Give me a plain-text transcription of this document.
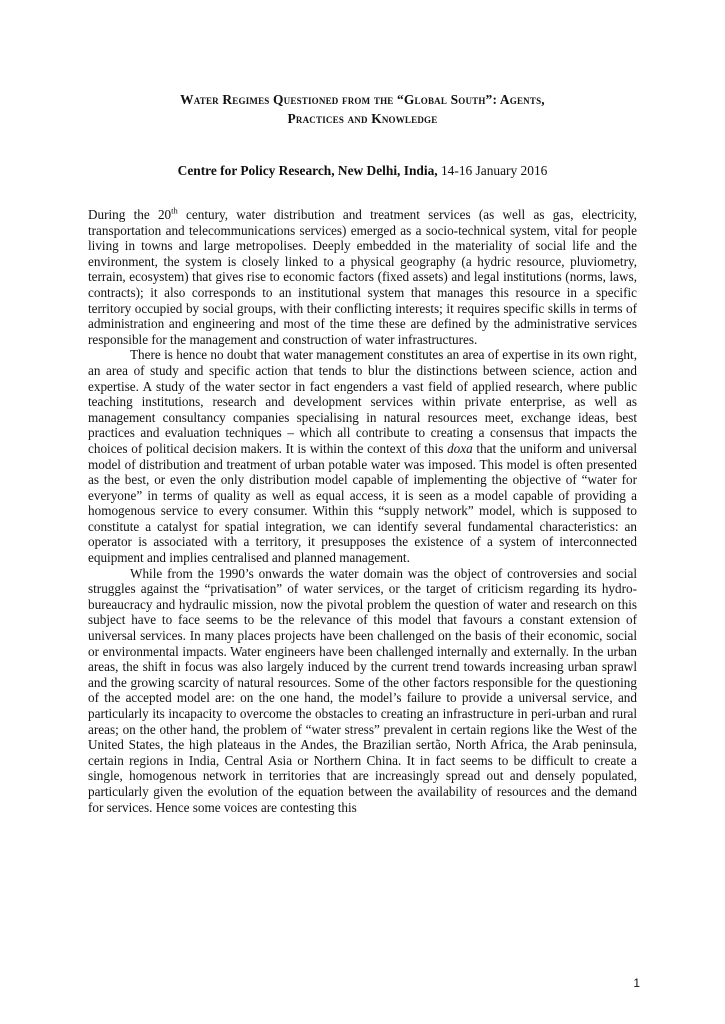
Water Regimes Questioned from the “Global South”: Agents,
Practices and Knowledge
Centre for Policy Research, New Delhi, India, 14-16 January 2016

During the 20th century, water distribution and treatment services (as well as gas, electricity, transportation and telecommunications services) emerged as a socio-technical system, vital for people living in towns and large metropolises. Deeply embedded in the materiality of social life and the environment, the system is closely linked to a physical geography (a hydric resource, pluviometry, terrain, ecosystem) that gives rise to economic factors (fixed assets) and legal institutions (norms, laws, contracts); it also corresponds to an institutional system that manages this resource in a specific territory occupied by social groups, with their conflicting interests; it requires specific skills in terms of administration and engineering and most of the time these are defined by the administrative services responsible for the management and construction of water infrastructures.

There is hence no doubt that water management constitutes an area of expertise in its own right, an area of study and specific action that tends to blur the distinctions between science, action and expertise. A study of the water sector in fact engenders a vast field of applied research, where public teaching institutions, research and development services within private enterprise, as well as management consultancy companies specialising in natural resources meet, exchange ideas, best practices and evaluation techniques – which all contribute to creating a consensus that impacts the choices of political decision makers. It is within the context of this doxa that the uniform and universal model of distribution and treatment of urban potable water was imposed. This model is often presented as the best, or even the only distribution model capable of implementing the objective of “water for everyone” in terms of quality as well as equal access, it is seen as a model capable of providing a homogenous service to every consumer. Within this “supply network” model, which is supposed to constitute a catalyst for spatial integration, we can identify several fundamental characteristics: an operator is associated with a territory, it presupposes the existence of a system of interconnected equipment and implies centralised and planned management.

While from the 1990’s onwards the water domain was the object of controversies and social struggles against the “privatisation” of water services, or the target of criticism regarding its hydro-bureaucracy and hydraulic mission, now the pivotal problem the question of water and research on this subject have to face seems to be the relevance of this model that favours a constant extension of universal services. In many places projects have been challenged on the basis of their economic, social or environmental impacts. Water engineers have been challenged internally and externally. In the urban areas, the shift in focus was also largely induced by the current trend towards increasing urban sprawl and the growing scarcity of natural resources. Some of the other factors responsible for the questioning of the accepted model are: on the one hand, the model’s failure to provide a universal service, and particularly its incapacity to overcome the obstacles to creating an infrastructure in peri-urban and rural areas; on the other hand, the problem of “water stress” prevalent in certain regions like the West of the United States, the high plateaus in the Andes, the Brazilian sertão, North Africa, the Arab peninsula, certain regions in India, Central Asia or Northern China. It in fact seems to be difficult to create a single, homogenous network in territories that are increasingly spread out and densely populated, particularly given the evolution of the equation between the availability of resources and the demand for services. Hence some voices are contesting this

1
